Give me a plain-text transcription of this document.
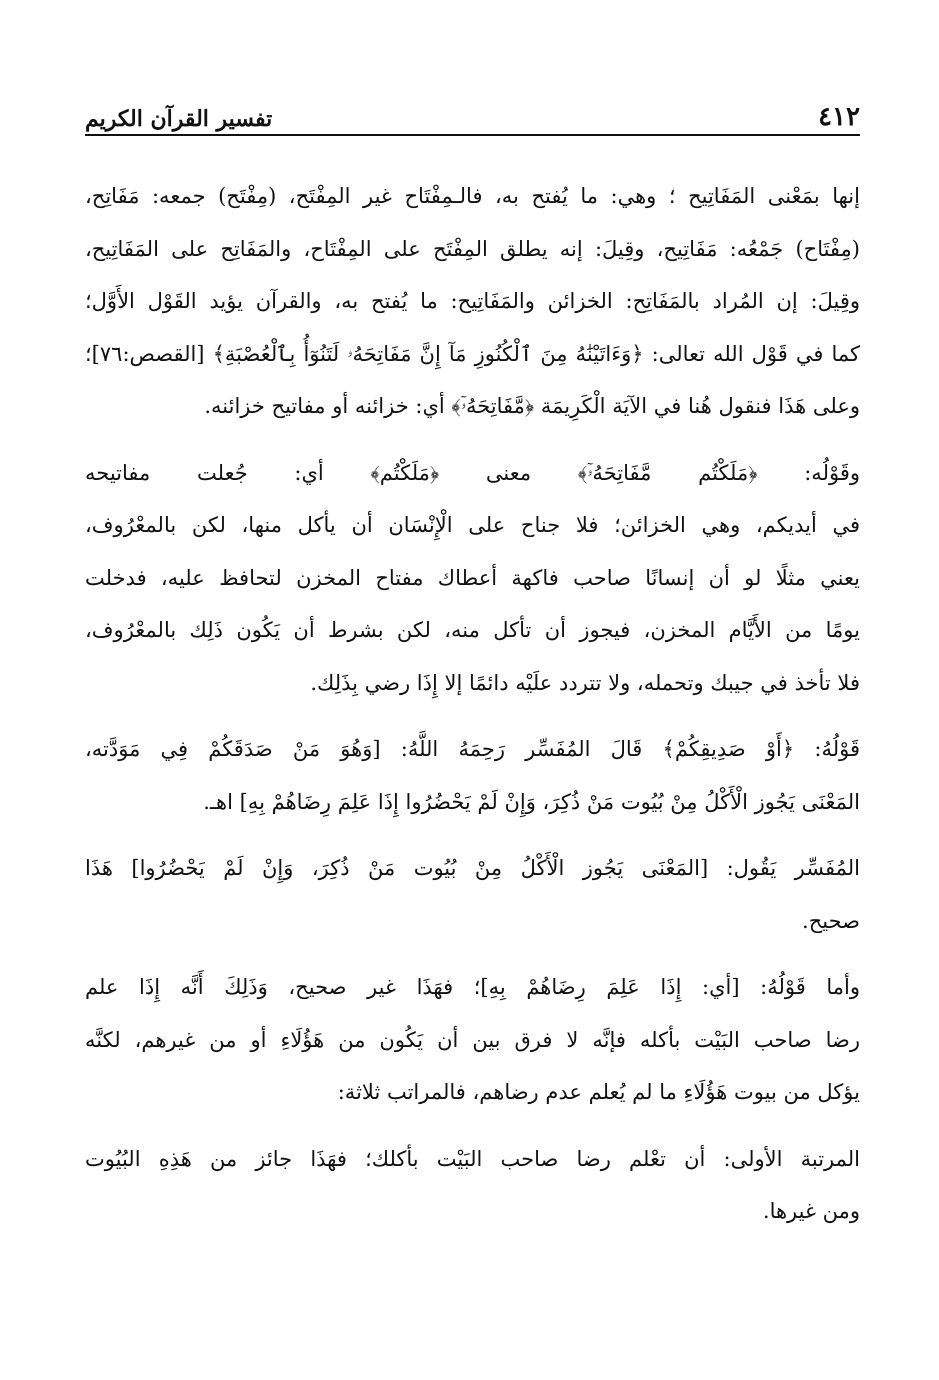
٤١٢
تفسير القرآن الكريم

إنها بمَعْنى المَفَاتِيح ؛ وهي: ما يُفتح به، فالـمِفْتَاح غير المِفْتَح، (مِفْتَح) جمعه: مَفَاتِح،
(مِفْتَاح) جَمْعُه: مَفَاتِيح، وقِيلَ: إنه يطلق المِفْتَح على المِفْتَاح، والمَفَاتِح على المَفَاتِيح،
وقِيلَ: إن المُراد بالمَفَاتِح: الخزائن والمَفَاتِيح: ما يُفتح به، والقرآن يؤيد القَوْل الأَوَّل؛
كما في قَوْل الله تعالى: ﴿وَءَاتَيْنَٰهُ مِنَ ٱلْكُنُوزِ مَآ إِنَّ مَفَاتِحَهُۥ لَتَنُوٓأُ بِٱلْعُصْبَةِ﴾ [القصص:٧٦]؛
وعلى هَذَا فنقول هُنا في الآيَة الْكَرِيمَة ﴿مَّفَاتِحَهُۥٓ﴾ أي: خزائنه أو مفاتيح خزائنه.

وقَوْلُه: ﴿مَلَكْتُم مَّفَاتِحَهُۥٓ﴾ معنى ﴿مَلَكْتُم﴾ أي: جُعلت مفاتيحه
في أيديكم، وهي الخزائن؛ فلا جناح على الْإِنْسَان أن يأكل منها، لكن بالمعْرُوف،
يعني مثلًا لو أن إنسانًا صاحب فاكهة أعطاك مفتاح المخزن لتحافظ عليه، فدخلت
يومًا من الأَيَّام المخزن، فيجوز أن تأكل منه، لكن بشرط أن يَكُون ذَلِك بالمعْرُوف،
فلا تأخذ في جيبك وتحمله، ولا تتردد علَيْه دائمًا إلا إِذَا رضي بِذَلِك.

قَوْلُهُ: ﴿أَوْ صَدِيقِكُمْ﴾ قَالَ المُفَسِّر رَحِمَهُ اللَّهُ: [وَهُوَ مَنْ صَدَقَكُمْ فِي مَوَدَّته،
المَعْنَى يَجُوز الْأَكْلُ مِنْ بُيُوت مَنْ ذُكِرَ، وَإِنْ لَمْ يَحْضُرُوا إِذَا عَلِمَ رِضَاهُمْ بِهِ] اهـ.

المُفَسِّر يَقُول: [المَعْنَى يَجُوز الْأَكْلُ مِنْ بُيُوت مَنْ ذُكِرَ، وَإِنْ لَمْ يَحْضُرُوا] هَذَا
صحيح.

وأما قَوْلُهُ: [أي: إِذَا عَلِمَ رِضَاهُمْ بِهِ]؛ فهَذَا غير صحيح، وَذَلِكَ أَنَّه إِذَا علم
رضا صاحب البَيْت بأكله فإنَّه لا فرق بين أن يَكُون من هَؤُلَاءِ أو من غيرهم، لكنَّه
يؤكل من بيوت هَؤُلَاءِ ما لم يُعلم عدم رضاهم، فالمراتب ثلاثة:

المرتبة الأولى: أن تعْلم رضا صاحب البَيْت بأكلك؛ فهَذَا جائز من هَذِهِ البُيُوت
ومن غيرها.
